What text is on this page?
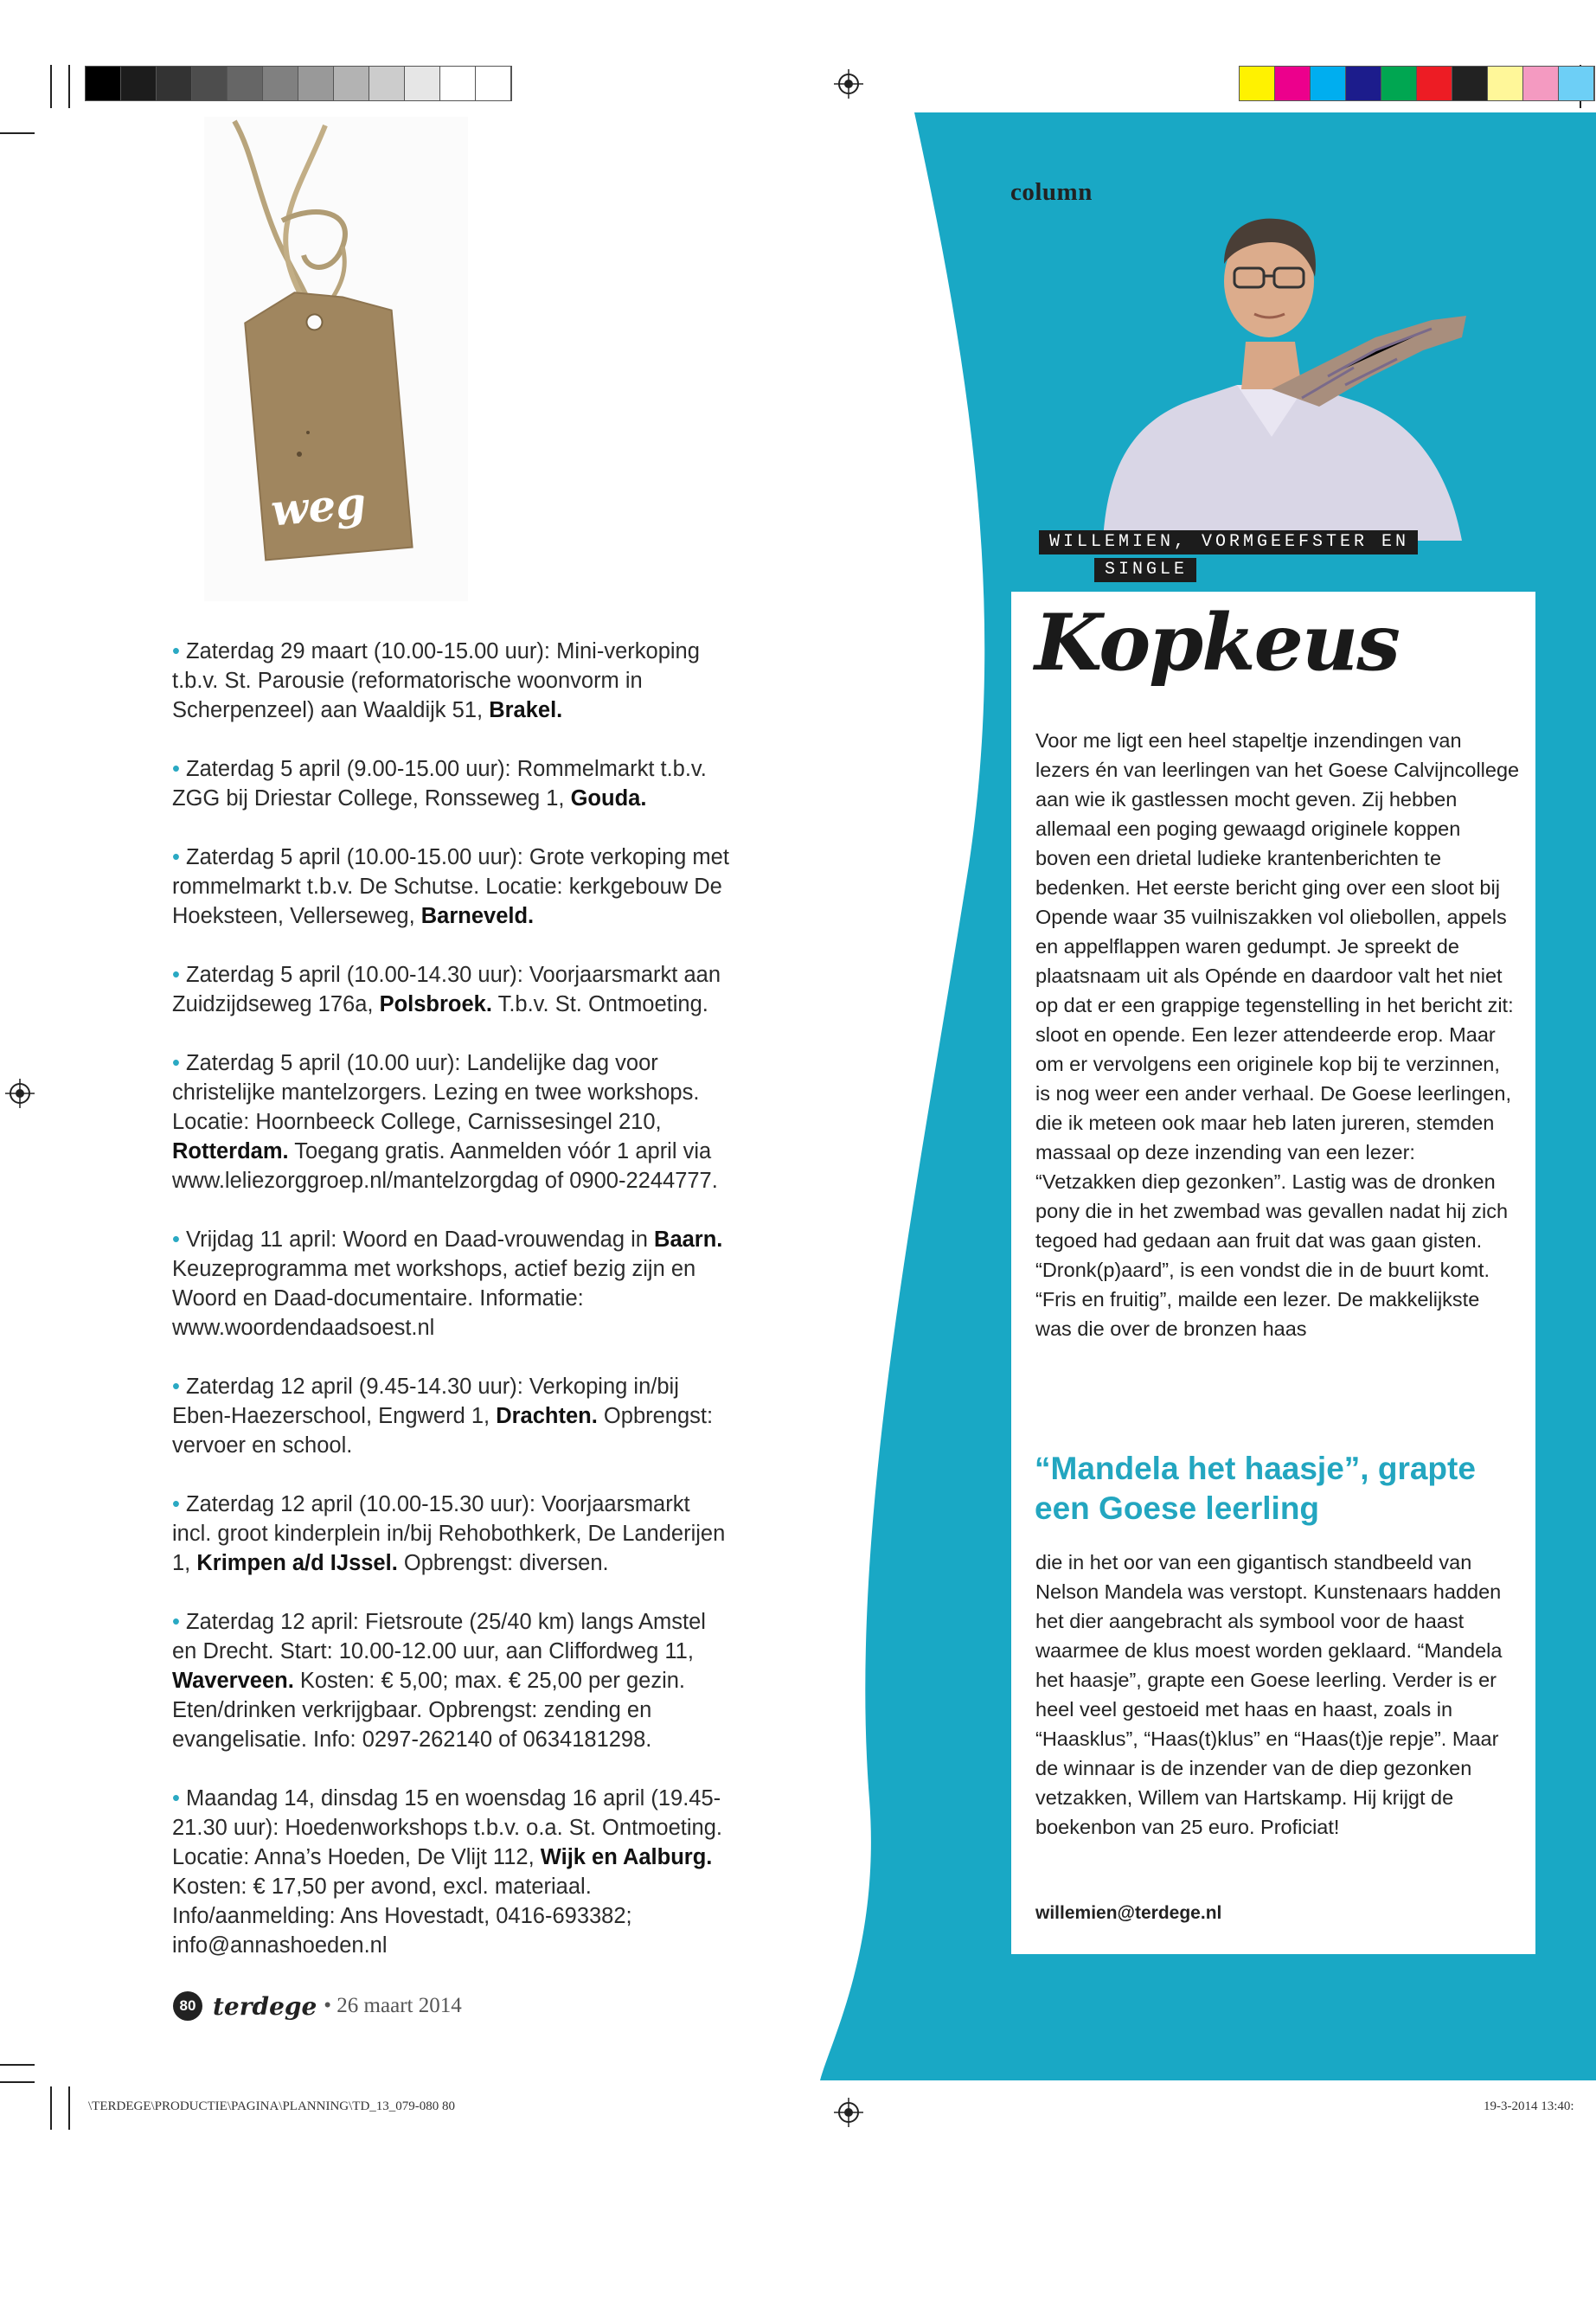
weg
• Zaterdag 29 maart (10.00-15.00 uur): Mini-verkoping t.b.v. St. Parousie (reformatorische woonvorm in Scherpenzeel) aan Waaldijk 51, Brakel.
• Zaterdag 5 april (9.00-15.00 uur): Rommelmarkt t.b.v. ZGG bij Driestar College, Ronsseweg 1, Gouda.
• Zaterdag 5 april (10.00-15.00 uur): Grote verkoping met rommelmarkt t.b.v. De Schutse. Locatie: kerkgebouw De Hoeksteen, Vellerseweg, Barneveld.
• Zaterdag 5 april (10.00-14.30 uur): Voorjaarsmarkt aan Zuidzijdseweg 176a, Polsbroek. T.b.v. St. Ontmoeting.
• Zaterdag 5 april (10.00 uur): Landelijke dag voor christelijke mantelzorgers. Lezing en twee workshops. Locatie: Hoornbeeck College, Carnissesingel 210, Rotterdam. Toegang gratis. Aanmelden vóór 1 april via www.leliezorggroep.nl/mantelzorgdag of 0900-2244777.
• Vrijdag 11 april: Woord en Daad-vrouwendag in Baarn. Keuzeprogramma met workshops, actief bezig zijn en Woord en Daad-documentaire. Informatie: www.woordendaadsoest.nl
• Zaterdag 12 april (9.45-14.30 uur): Verkoping in/bij Eben-Haezerschool, Engwerd 1, Drachten. Opbrengst: vervoer en school.
• Zaterdag 12 april (10.00-15.30 uur): Voorjaarsmarkt incl. groot kinderplein in/bij Rehobothkerk, De Landerijen 1, Krimpen a/d IJssel. Opbrengst: diversen.
• Zaterdag 12 april: Fietsroute (25/40 km) langs Amstel en Drecht. Start: 10.00-12.00 uur, aan Cliffordweg 11, Waverveen. Kosten: € 5,00; max. € 25,00 per gezin. Eten/drinken verkrijgbaar. Opbrengst: zending en evangelisatie. Info: 0297-262140 of 0634181298.
• Maandag 14, dinsdag 15 en woensdag 16 april (19.45-21.30 uur): Hoedenworkshops t.b.v. o.a. St. Ontmoeting. Locatie: Anna’s Hoeden, De Vlijt 112, Wijk en Aalburg. Kosten: € 17,50 per avond, excl. materiaal. Info/aanmelding: Ans Hovestadt, 0416-693382; info@annashoeden.nl
80 terdege • 26 maart 2014
\TERDEGE\PRODUCTIE\PAGINA\PLANNING\TD_13_079-080 80	19-3-2014 13:40:
column
WILLEMIEN, VORMGEEFSTER EN
SINGLE
Kopkeus
Voor me ligt een heel stapeltje inzendingen van lezers én van leerlingen van het Goese Calvijncollege aan wie ik gastlessen mocht geven. Zij hebben allemaal een poging gewaagd originele koppen boven een drietal ludieke krantenberichten te bedenken. Het eerste bericht ging over een sloot bij Opende waar 35 vuilniszakken vol oliebollen, appels en appelflappen waren gedumpt. Je spreekt de plaatsnaam uit als Opénde en daardoor valt het niet op dat er een grappige tegenstelling in het bericht zit: sloot en opende. Een lezer attendeerde erop. Maar om er vervolgens een originele kop bij te verzinnen, is nog weer een ander verhaal. De Goese leerlingen, die ik meteen ook maar heb laten jureren, stemden massaal op deze inzending van een lezer: “Vetzakken diep gezonken”. Lastig was de dronken pony die in het zwembad was gevallen nadat hij zich tegoed had gedaan aan fruit dat was gaan gisten. “Dronk(p)aard”, is een vondst die in de buurt komt. “Fris en fruitig”, mailde een lezer. De makkelijkste was die over de bronzen haas
“Mandela het haasje”, grapte een Goese leerling
die in het oor van een gigantisch standbeeld van Nelson Mandela was verstopt. Kunstenaars hadden het dier aangebracht als symbool voor de haast waarmee de klus moest worden geklaard. “Mandela het haasje”, grapte een Goese leerling. Verder is er heel veel gestoeid met haas en haast, zoals in “Haasklus”, “Haas(t)klus” en “Haas(t)je repje”. Maar de winnaar is de inzender van de diep gezonken vetzakken, Willem van Hartskamp. Hij krijgt de boekenbon van 25 euro. Proficiat!
willemien@terdege.nl
